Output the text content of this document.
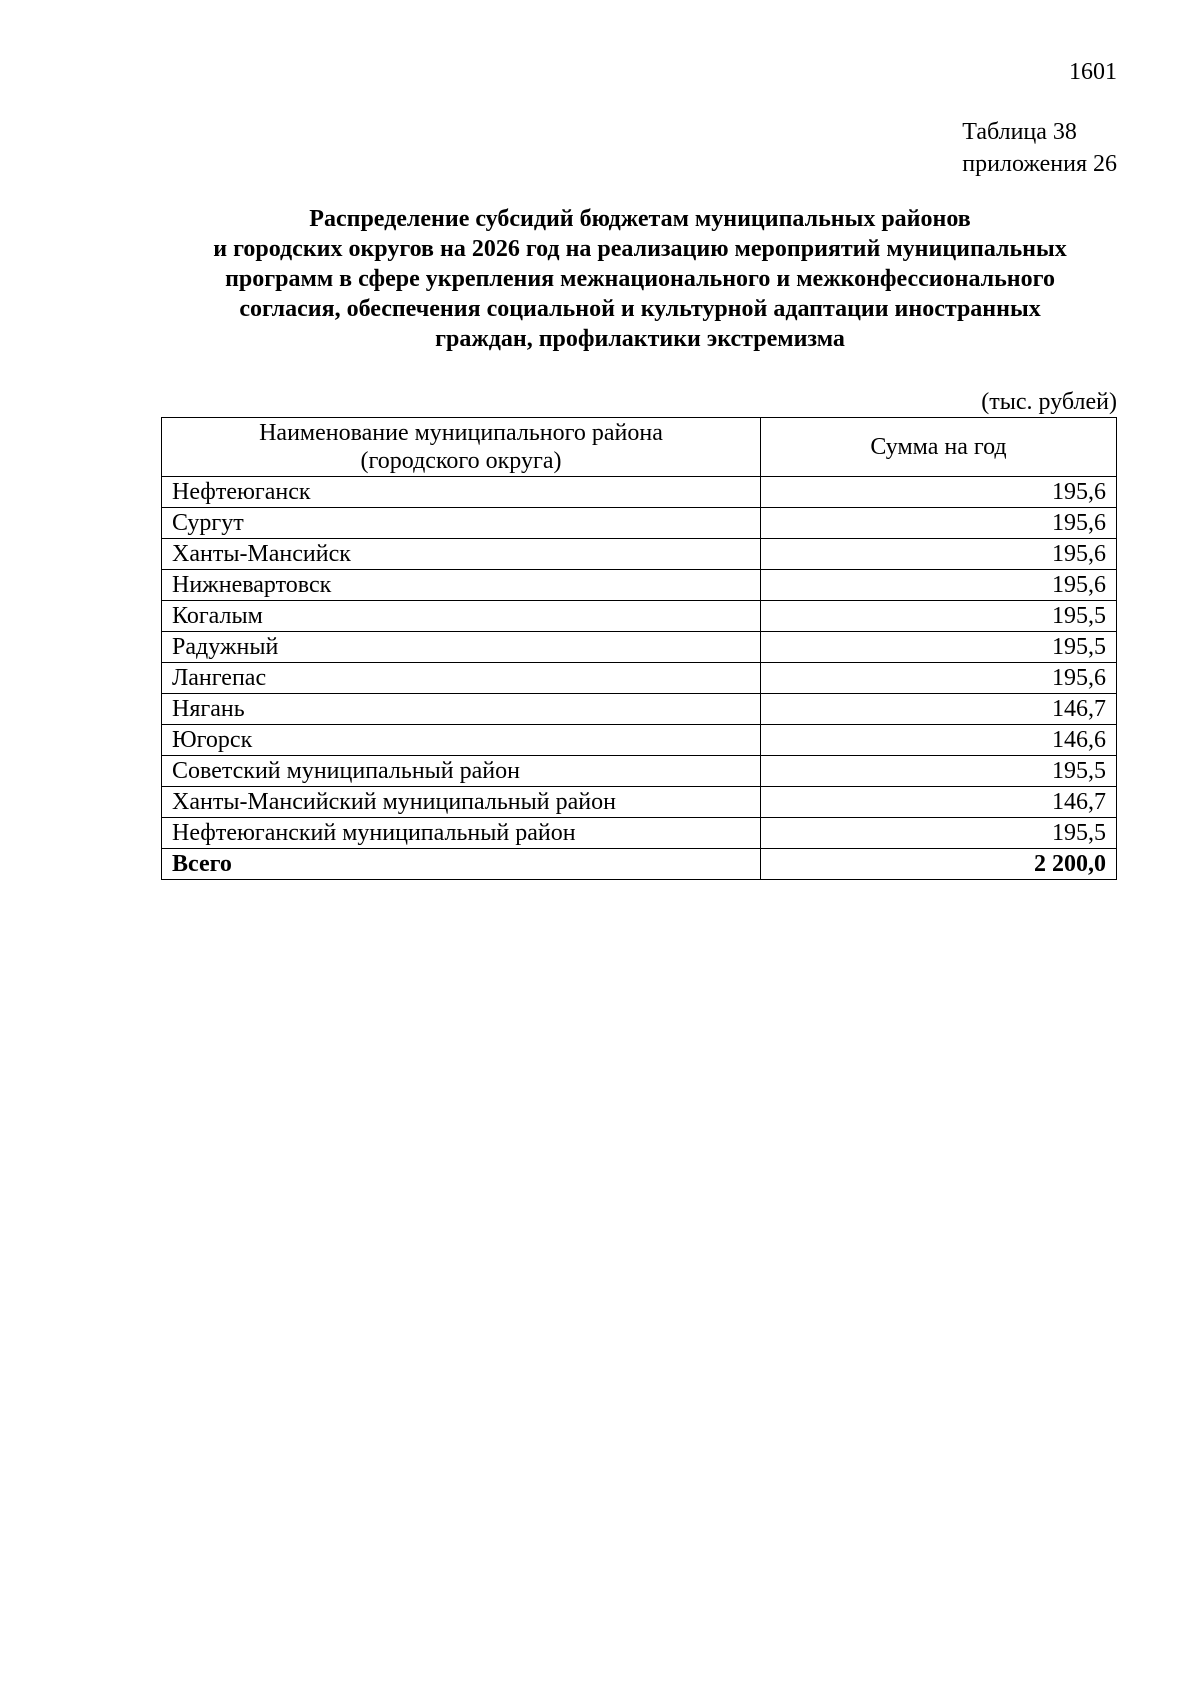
1601
Таблица 38
приложения 26
Распределение субсидий бюджетам муниципальных районов
и городских округов на 2026 год на реализацию мероприятий муниципальных
программ в сфере укрепления межнационального и межконфессионального
согласия, обеспечения социальной и культурной адаптации иностранных
граждан, профилактики экстремизма
(тыс. рублей)
Наименование муниципального района
(городского округа)	Сумма на год
Нефтеюганск	195,6
Сургут	195,6
Ханты-Мансийск	195,6
Нижневартовск	195,6
Когалым	195,5
Радужный	195,5
Лангепас	195,6
Нягань	146,7
Югорск	146,6
Советский муниципальный район	195,5
Ханты-Мансийский муниципальный район	146,7
Нефтеюганский муниципальный район	195,5
Всего	2 200,0
